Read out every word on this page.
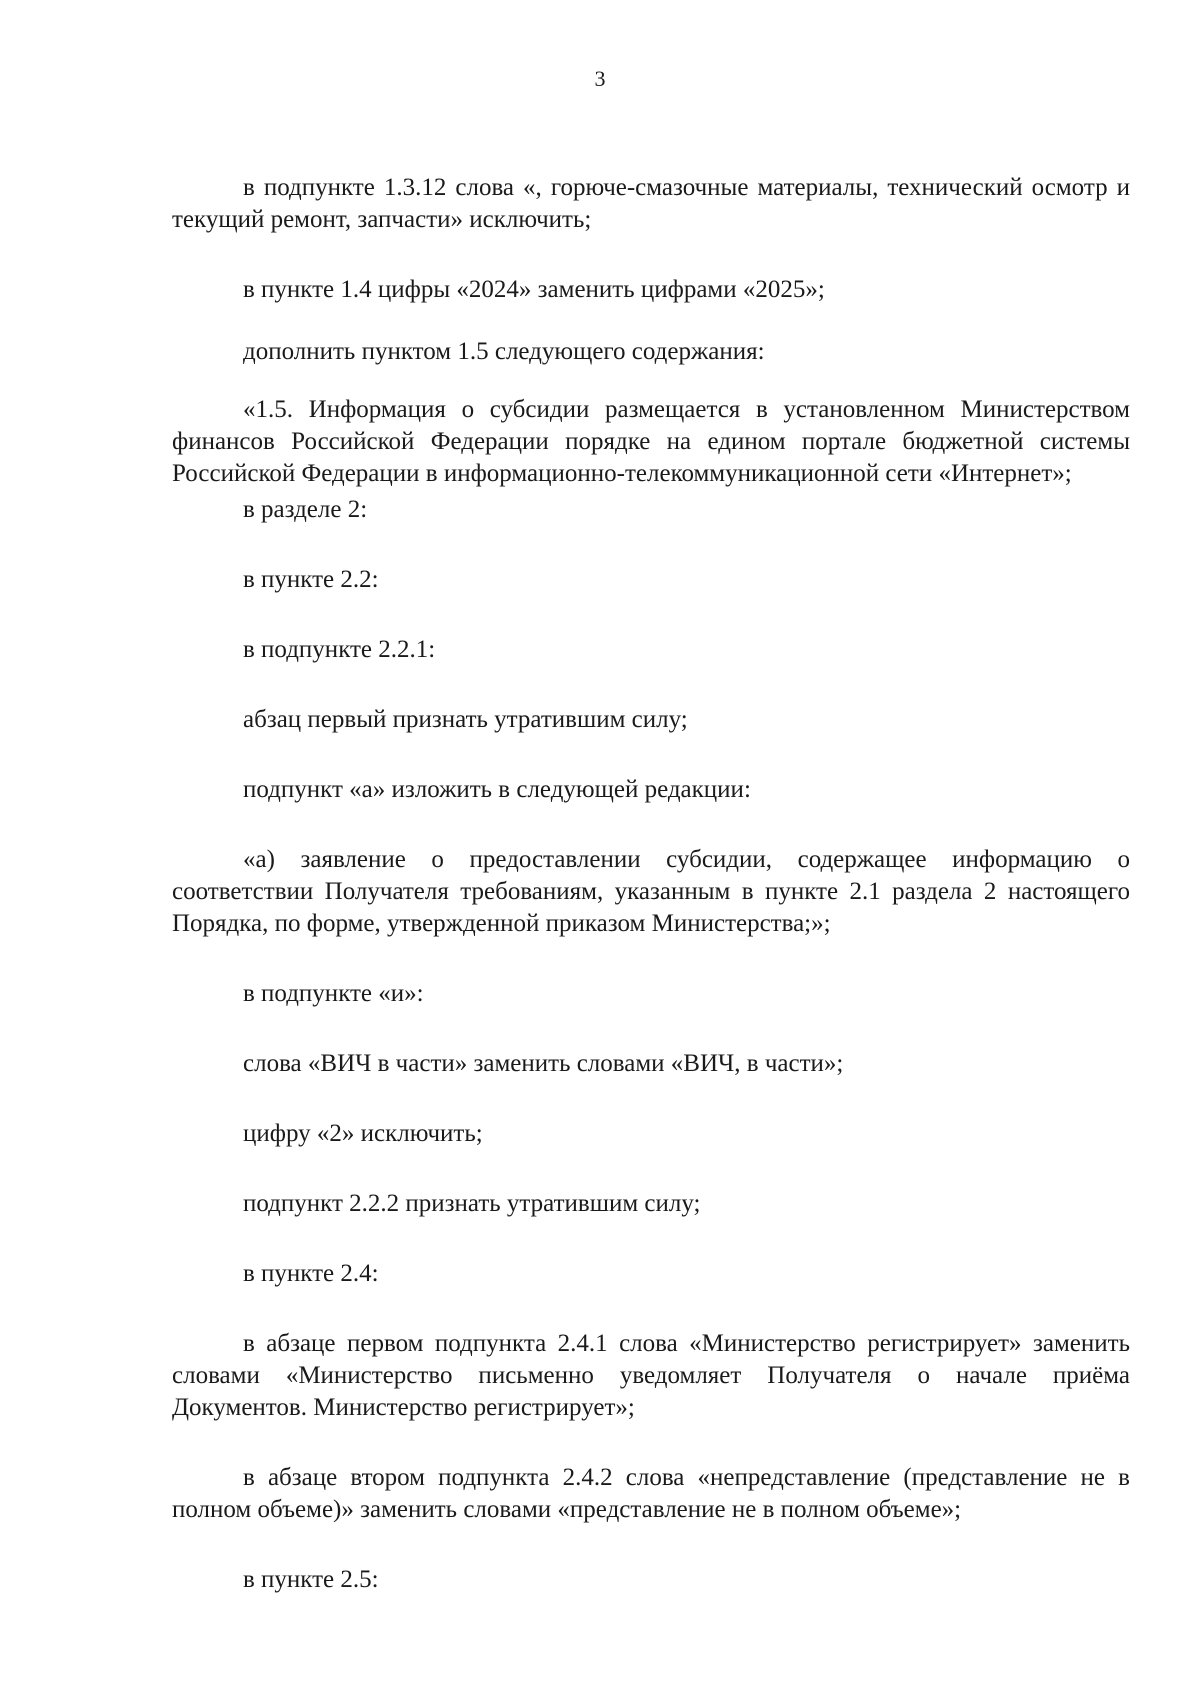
3

в подпункте 1.3.12 слова «, горюче-смазочные материалы, технический осмотр и текущий ремонт, запчасти» исключить;

в пункте 1.4 цифры «2024» заменить цифрами «2025»;

дополнить пунктом 1.5 следующего содержания:

«1.5. Информация о субсидии размещается в установленном Министерством финансов Российской Федерации порядке на едином портале бюджетной системы Российской Федерации в информационно-телекоммуникационной сети «Интернет»;

в разделе 2:

в пункте 2.2:

в подпункте 2.2.1:

абзац первый признать утратившим силу;

подпункт «а» изложить в следующей редакции:

«а) заявление о предоставлении субсидии, содержащее информацию о соответствии Получателя требованиям, указанным в пункте 2.1 раздела 2 настоящего Порядка, по форме, утвержденной приказом Министерства;»;

в подпункте «и»:

слова «ВИЧ в части» заменить словами «ВИЧ, в части»;

цифру «2» исключить;

подпункт 2.2.2 признать утратившим силу;

в пункте 2.4:

в абзаце первом подпункта 2.4.1 слова «Министерство регистрирует» заменить словами «Министерство письменно уведомляет Получателя о начале приёма Документов. Министерство регистрирует»;

в абзаце втором подпункта 2.4.2 слова «непредставление (представление не в полном объеме)» заменить словами «представление не в полном объеме»;

в пункте 2.5:
